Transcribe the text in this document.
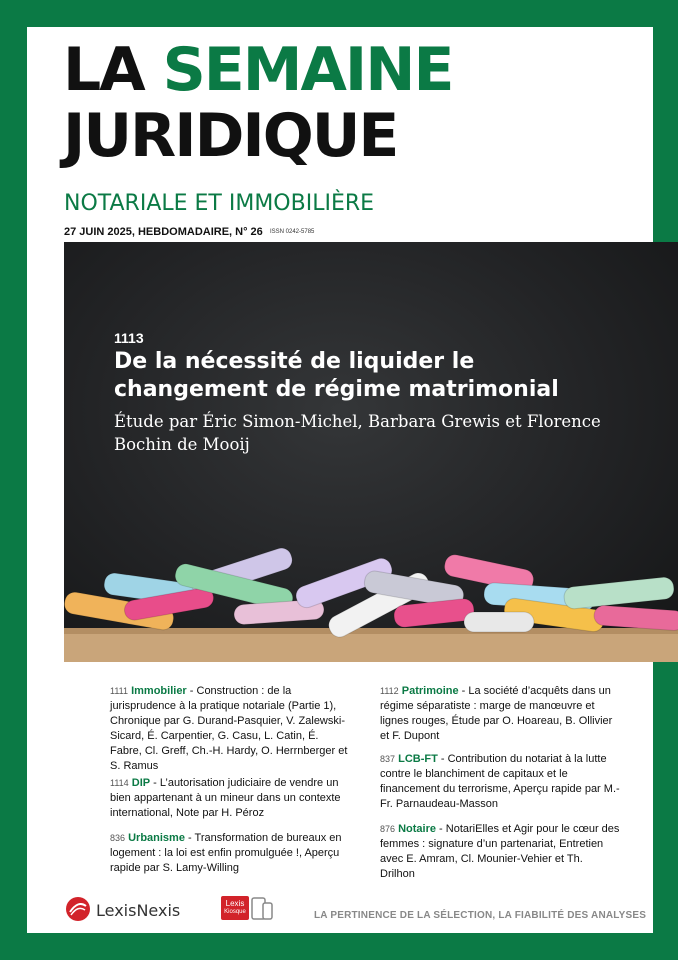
LA SEMAINE
JURIDIQUE
NOTARIALE ET IMMOBILIÈRE
27 JUIN 2025, HEBDOMADAIRE, N° 26 ISSN 0242-5785
1113
De la nécessité de liquider le changement de régime matrimonial
Étude par Éric Simon-Michel, Barbara Grewis et Florence Bochin de Mooij
1111 Immobilier - Construction : de la jurisprudence à la pratique notariale (Partie 1), Chronique par G. Durand-Pasquier, V. Zalewski-Sicard, É. Carpentier, G. Casu, L. Catin, É. Fabre, Cl. Greff, Ch.-H. Hardy, O. Herrnberger et S. Ramus
1114 DIP - L’autorisation judiciaire de vendre un bien appartenant à un mineur dans un contexte international, Note par H. Péroz
836 Urbanisme - Transformation de bureaux en logement : la loi est enfin promulguée !, Aperçu rapide par S. Lamy-Willing
1112 Patrimoine - La société d’acquêts dans un régime séparatiste : marge de manœuvre et lignes rouges, Étude par O. Hoareau, B. Ollivier et F. Dupont
837 LCB-FT - Contribution du notariat à la lutte contre le blanchiment de capitaux et le financement du terrorisme, Aperçu rapide par M.-Fr. Parnaudeau-Masson
876 Notaire - NotariElles et Agir pour le cœur des femmes : signature d’un partenariat, Entretien avec E. Amram, Cl. Mounier-Vehier et Th. Drilhon
LexisNexis	Lexis
Kiosque	LA PERTINENCE DE LA SÉLECTION, LA FIABILITÉ DES ANALYSES
